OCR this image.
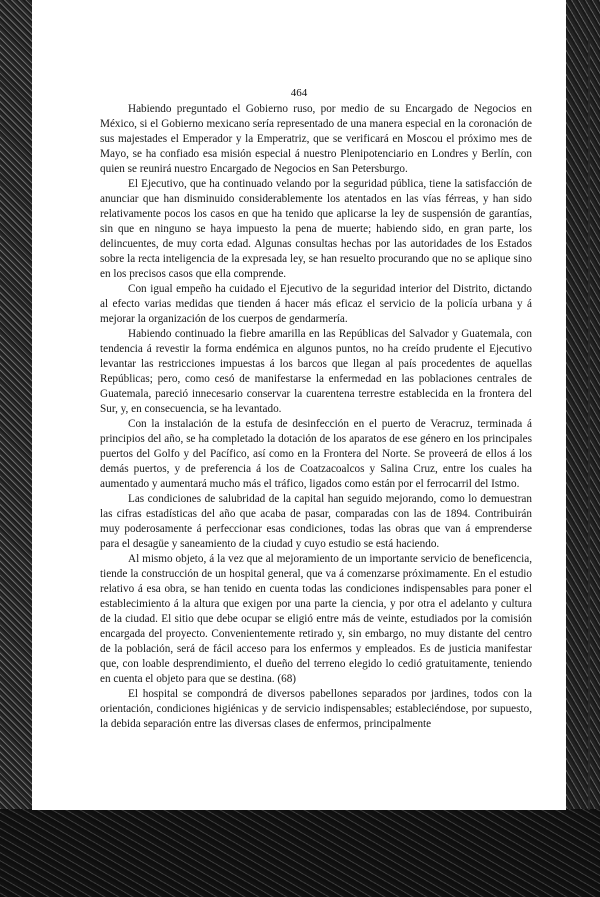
464

Habiendo preguntado el Gobierno ruso, por medio de su Encargado de Negocios en México, si el Gobierno mexicano sería representado de una manera especial en la coronación de sus majestades el Emperador y la Emperatriz, que se verificará en Moscou el próximo mes de Mayo, se ha confiado esa misión especial á nuestro Plenipotenciario en Londres y Berlín, con quien se reunirá nuestro Encargado de Negocios en San Petersburgo.

El Ejecutivo, que ha continuado velando por la seguridad pública, tiene la satisfacción de anunciar que han disminuido considerablemente los atentados en las vías férreas, y han sido relativamente pocos los casos en que ha tenido que aplicarse la ley de suspensión de garantías, sin que en ninguno se haya impuesto la pena de muerte; habiendo sido, en gran parte, los delincuentes, de muy corta edad. Algunas consultas hechas por las autoridades de los Estados sobre la recta inteligencia de la expresada ley, se han resuelto procurando que no se aplique sino en los precisos casos que ella comprende.

Con igual empeño ha cuidado el Ejecutivo de la seguridad interior del Distrito, dictando al efecto varias medidas que tienden á hacer más eficaz el servicio de la policía urbana y á mejorar la organización de los cuerpos de gendarmería.

Habiendo continuado la fiebre amarilla en las Repúblicas del Salvador y Guatemala, con tendencia á revestir la forma endémica en algunos puntos, no ha creído prudente el Ejecutivo levantar las restricciones impuestas á los barcos que llegan al país procedentes de aquellas Repúblicas; pero, como cesó de manifestarse la enfermedad en las poblaciones centrales de Guatemala, pareció innecesario conservar la cuarentena terrestre establecida en la frontera del Sur, y, en consecuencia, se ha levantado.

Con la instalación de la estufa de desinfección en el puerto de Veracruz, terminada á principios del año, se ha completado la dotación de los aparatos de ese género en los principales puertos del Golfo y del Pacífico, así como en la Frontera del Norte. Se proveerá de ellos á los demás puertos, y de preferencia á los de Coatzacoalcos y Salina Cruz, entre los cuales ha aumentado y aumentará mucho más el tráfico, ligados como están por el ferrocarril del Istmo.

Las condiciones de salubridad de la capital han seguido mejorando, como lo demuestran las cifras estadísticas del año que acaba de pasar, comparadas con las de 1894. Contribuirán muy poderosamente á perfeccionar esas condiciones, todas las obras que van á emprenderse para el desagüe y saneamiento de la ciudad y cuyo estudio se está haciendo.

Al mismo objeto, á la vez que al mejoramiento de un importante servicio de beneficencia, tiende la construcción de un hospital general, que va á comenzarse próximamente. En el estudio relativo á esa obra, se han tenido en cuenta todas las condiciones indispensables para poner el establecimiento á la altura que exigen por una parte la ciencia, y por otra el adelanto y cultura de la ciudad. El sitio que debe ocupar se eligió entre más de veinte, estudiados por la comisión encargada del proyecto. Convenientemente retirado y, sin embargo, no muy distante del centro de la población, será de fácil acceso para los enfermos y empleados. Es de justicia manifestar que, con loable desprendimiento, el dueño del terreno elegido lo cedió gratuitamente, teniendo en cuenta el objeto para que se destina. (68)

El hospital se compondrá de diversos pabellones separados por jardines, todos con la orientación, condiciones higiénicas y de servicio indispensables; estableciéndose, por supuesto, la debida separación entre las diversas clases de enfermos, principalmente
